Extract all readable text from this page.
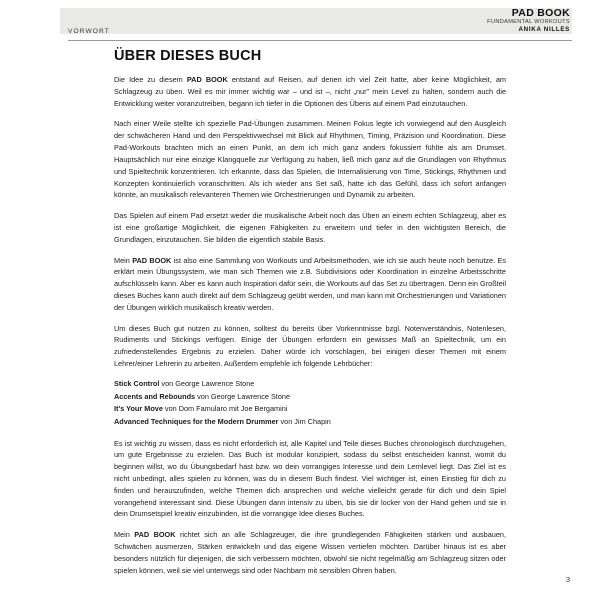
PAD BOOK
FUNDAMENTAL WORKOUTS
ANIKA NILLES
VORWORT
ÜBER DIESES BUCH

Die Idee zu diesem PAD BOOK entstand auf Reisen, auf denen ich viel Zeit hatte, aber keine Möglichkeit, am Schlagzeug zu üben. Weil es mir immer wichtig war – und ist –, nicht „nur" mein Level zu halten, sondern auch die Entwicklung weiter voranzutreiben, begann ich tiefer in die Optionen des Übens auf einem Pad einzutauchen.

Nach einer Weile stellte ich spezielle Pad-Übungen zusammen. Meinen Fokus legte ich vorwiegend auf den Ausgleich der schwächeren Hand und den Perspektivwechsel mit Blick auf Rhythmen, Timing, Präzision und Koordination. Diese Pad-Workouts brachten mich an einen Punkt, an dem ich mich ganz anders fokussiert fühlte als am Drumset. Hauptsächlich nur eine einzige Klangquelle zur Verfügung zu haben, ließ mich ganz auf die Grundlagen von Rhythmus und Spieltechnik konzentrieren. Ich erkannte, dass das Spielen, die Internalisierung von Time, Stickings, Rhythmen und Konzepten kontinuierlich voranschritten. Als ich wieder ans Set saß, hatte ich das Gefühl, dass ich sofort anfangen könnte, an musikalisch relevanteren Themen wie Orchestrierungen und Dynamik zu arbeiten.

Das Spielen auf einem Pad ersetzt weder die musikalische Arbeit noch das Üben an einem echten Schlagzeug, aber es ist eine großartige Möglichkeit, die eigenen Fähigkeiten zu erweitern und tiefer in den wichtigsten Bereich, die Grundlagen, einzutauchen. Sie bilden die eigentlich stabile Basis.

Mein PAD BOOK ist also eine Sammlung von Workouts und Arbeitsmethoden, wie ich sie auch heute noch benutze. Es erklärt mein Übungssystem, wie man sich Themen wie z.B. Subdivisions oder Koordination in einzelne Arbeitsschritte aufschlüsseln kann. Aber es kann auch Inspiration dafür sein, die Workouts auf das Set zu übertragen. Denn ein Großteil dieses Buches kann auch direkt auf dem Schlagzeug geübt werden, und man kann mit Orchestrierungen und Variationen der Übungen wirklich musikalisch kreativ werden.

Um dieses Buch gut nutzen zu können, solltest du bereits über Vorkenntnisse bzgl. Notenverständnis, Notenlesen, Rudiments und Stickings verfügen. Einige der Übungen erfordern ein gewisses Maß an Spieltechnik, um ein zufriedenstellendes Ergebnis zu erzielen. Daher würde ich vorschlagen, bei einigen dieser Themen mit einem Lehrer/einer Lehrerin zu arbeiten. Außerdem empfehle ich folgende Lehrbücher:

Stick Control von George Lawrence Stone
Accents and Rebounds von George Lawrence Stone
It's Your Move von Dom Famularo mit Joe Bergamini
Advanced Techniques for the Modern Drummer von Jim Chapin

Es ist wichtig zu wissen, dass es nicht erforderlich ist, alle Kapitel und Teile dieses Buches chronologisch durchzugehen, um gute Ergebnisse zu erzielen. Das Buch ist modular konzipiert, sodass du selbst entscheiden kannst, womit du beginnen willst, wo du Übungsbedarf hast bzw. wo dein vorrangiges Interesse und dein Lernlevel liegt. Das Ziel ist es nicht unbedingt, alles spielen zu können, was du in diesem Buch findest. Viel wichtiger ist, einen Einstieg für dich zu finden und herauszufinden, welche Themen dich ansprechen und welche vielleicht gerade für dich und dein Spiel vorangehend interessant sind. Diese Übungen dann intensiv zu üben, bis sie dir locker von der Hand gehen und sie in dein Drumsetspiel kreativ einzubinden, ist die vorrangige Idee dieses Buches.

Mein PAD BOOK richtet sich an alle Schlagzeuger, die ihre grundlegenden Fähigkeiten stärken und ausbauen, Schwächen ausmerzen, Stärken entwickeln und das eigene Wissen vertiefen möchten. Darüber hinaus ist es aber besonders nützlich für diejenigen, die sich verbessern möchten, obwohl sie nicht regelmäßig am Schlagzeug sitzen oder spielen können, weil sie viel unterwegs sind oder Nachbarn mit sensiblen Ohren haben.

3
